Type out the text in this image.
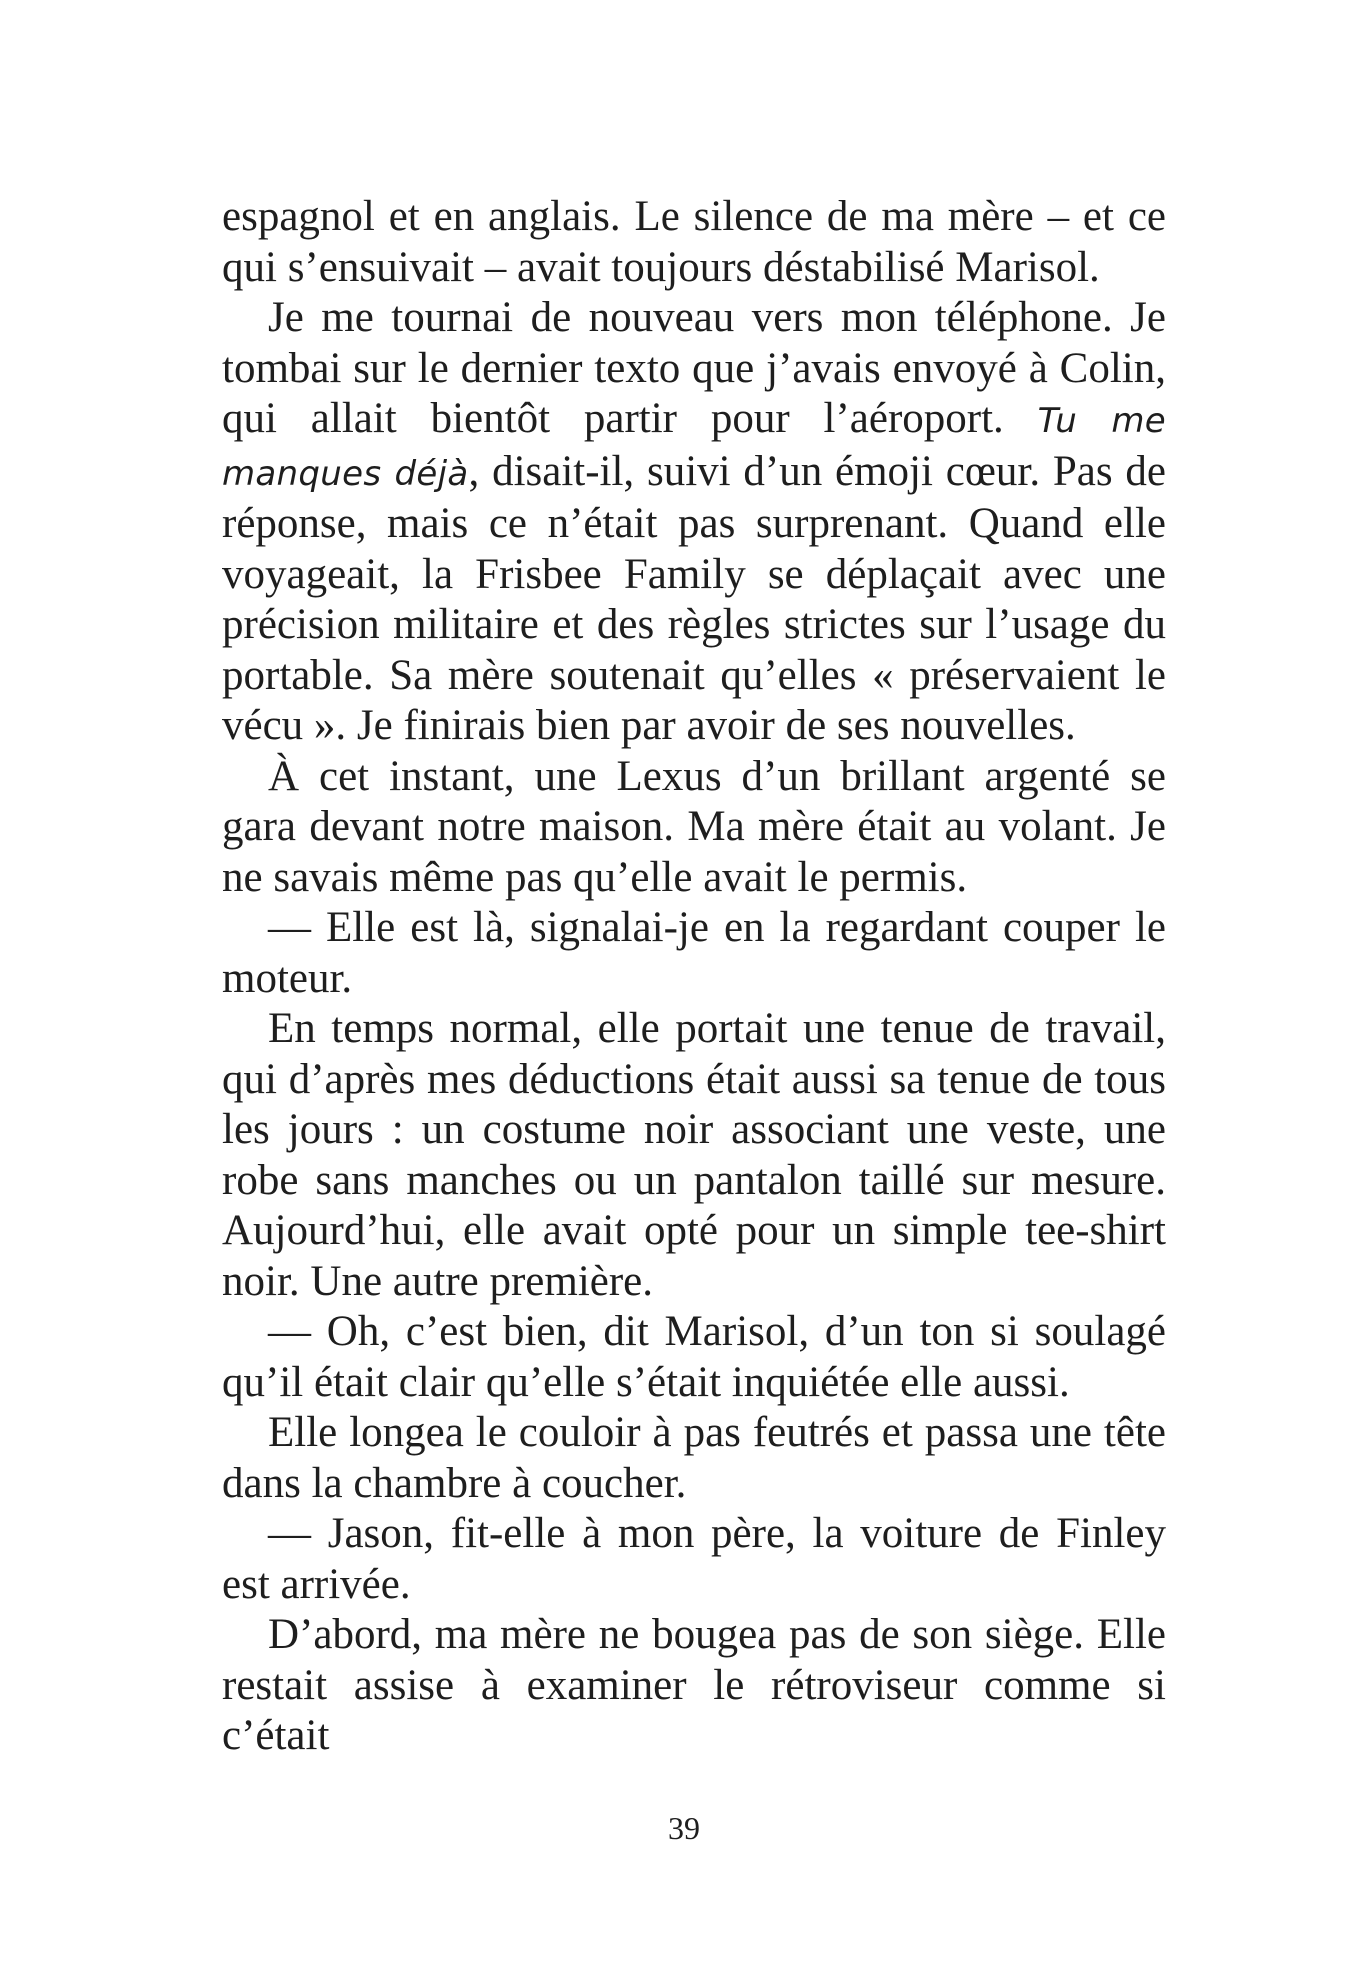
espagnol et en anglais. Le silence de ma mère – et ce qui s’ensuivait – avait toujours déstabilisé Marisol.

Je me tournai de nouveau vers mon téléphone. Je tombai sur le dernier texto que j’avais envoyé à Colin, qui allait bientôt partir pour l’aéroport. Tu me manques déjà, disait-il, suivi d’un émoji cœur. Pas de réponse, mais ce n’était pas surprenant. Quand elle voyageait, la Frisbee Family se déplaçait avec une précision militaire et des règles strictes sur l’usage du portable. Sa mère soutenait qu’elles « préservaient le vécu ». Je finirais bien par avoir de ses nouvelles.

À cet instant, une Lexus d’un brillant argenté se gara devant notre maison. Ma mère était au volant. Je ne savais même pas qu’elle avait le permis.

— Elle est là, signalai-je en la regardant couper le moteur.

En temps normal, elle portait une tenue de travail, qui d’après mes déductions était aussi sa tenue de tous les jours : un costume noir associant une veste, une robe sans manches ou un pantalon taillé sur mesure. Aujourd’hui, elle avait opté pour un simple tee-shirt noir. Une autre première.

— Oh, c’est bien, dit Marisol, d’un ton si soulagé qu’il était clair qu’elle s’était inquiétée elle aussi.

Elle longea le couloir à pas feutrés et passa une tête dans la chambre à coucher.

— Jason, fit-elle à mon père, la voiture de Finley est arrivée.

D’abord, ma mère ne bougea pas de son siège. Elle restait assise à examiner le rétroviseur comme si c’était

39
